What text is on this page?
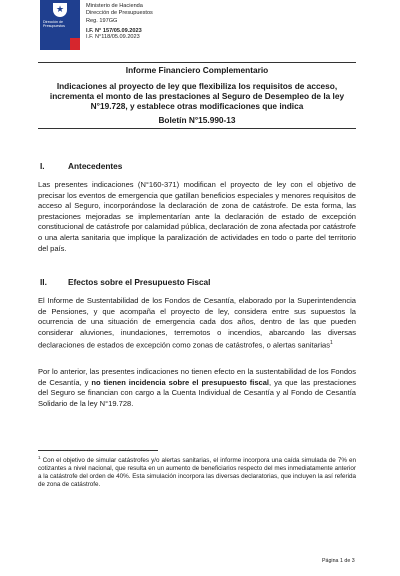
★
Dirección de
Presupuestos
Ministerio de Hacienda
Dirección de Presupuestos
Reg. 197GG
I.F. N° 157/05.09.2023
I.F. N°118/05.09.2023
Informe Financiero Complementario
Indicaciones al proyecto de ley que flexibiliza los requisitos de acceso, incrementa el monto de las prestaciones al Seguro de Desempleo de la ley N°19.728, y establece otras modificaciones que indica
Boletín N°15.990-13
I.	Antecedentes
Las presentes indicaciones (N°160-371) modifican el proyecto de ley con el objetivo de precisar los eventos de emergencia que gatillan beneficios especiales y menores requisitos de acceso al Seguro, incorporándose la declaración de zona de catástrofe. De esta forma, las prestaciones mejoradas se implementarían ante la declaración de estado de excepción constitucional de catástrofe por calamidad pública, declaración de zona afectada por catástrofe o una alerta sanitaria que implique la paralización de actividades en todo o parte del territorio del país.
II.	Efectos sobre el Presupuesto Fiscal
El Informe de Sustentabilidad de los Fondos de Cesantía, elaborado por la Superintendencia de Pensiones, y que acompaña el proyecto de ley, considera entre sus supuestos la ocurrencia de una situación de emergencia cada dos años, dentro de las que pueden considerar aluviones, inundaciones, terremotos o incendios, abarcando las diversas declaraciones de estados de excepción como zonas de catástrofes, o alertas sanitarias$^1$
Por lo anterior, las presentes indicaciones no tienen efecto en la sustentabilidad de los Fondos de Cesantía, y no tienen incidencia sobre el presupuesto fiscal, ya que las prestaciones del Seguro se financian con cargo a la Cuenta Individual de Cesantía y al Fondo de Cesantía Solidario de la ley N°19.728.
$^1$ Con el objetivo de simular catástrofes y/o alertas sanitarias, el informe incorpora una caída simulada de 7% en cotizantes a nivel nacional, que resulta en un aumento de beneficiarios respecto del mes inmediatamente anterior a la catástrofe del orden de 40%. Esta simulación incorpora las diversas declaratorias, que incluyen la así referida de zona de catástrofe.
Página 1 de 3
